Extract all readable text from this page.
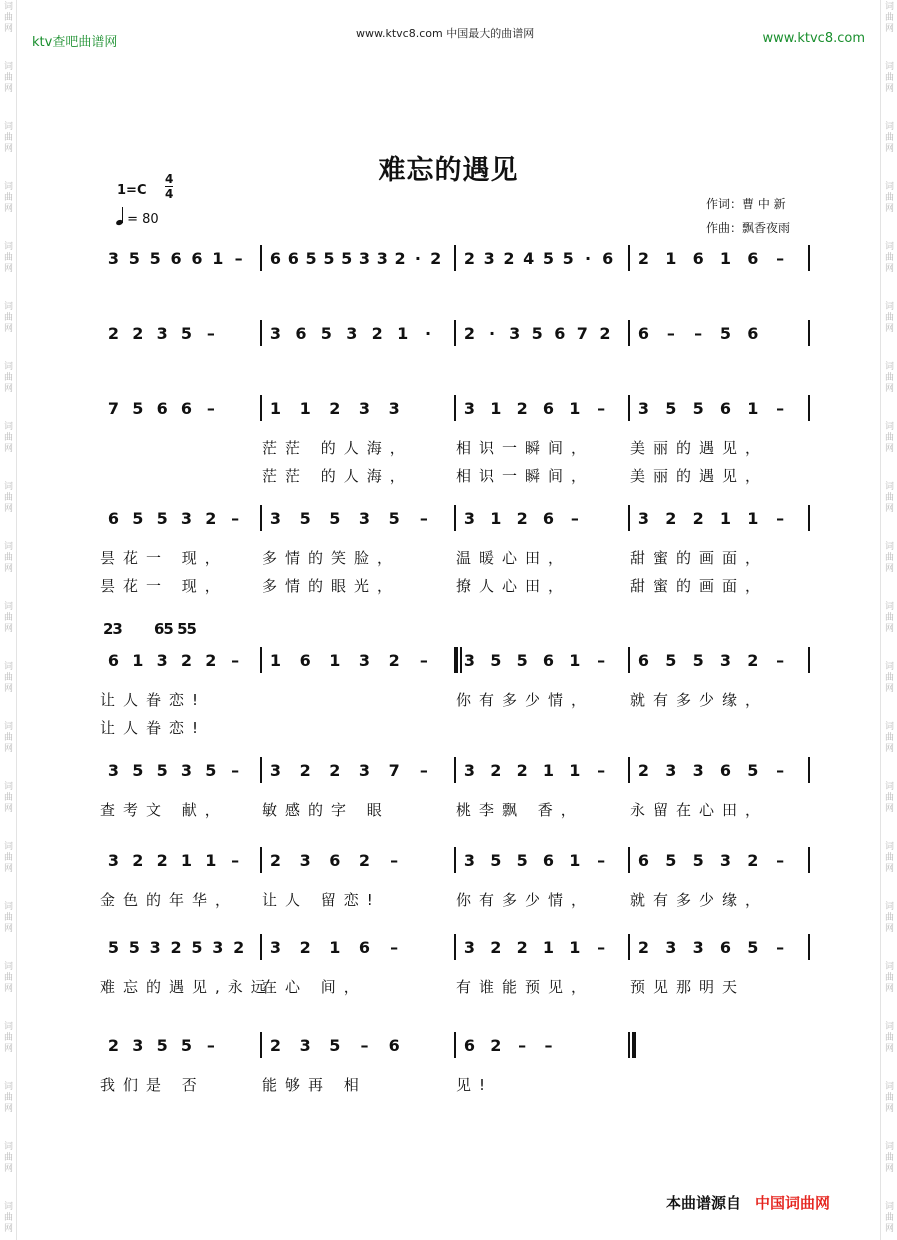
词
曲
网
词
曲
网
词
曲
网
词
曲
网
词
曲
网
词
曲
网
词
曲
网
词
曲
网
词
曲
网
词
曲
网
词
曲
网
词
曲
网
词
曲
网
词
曲
网
词
曲
网
词
曲
网
词
曲
网
词
曲
网
词
曲
网
词
曲
网
词
曲
网
词
曲
网
词
曲
网
词
曲
网
词
曲
网
词
曲
网
词
曲
网
词
曲
网
词
曲
网
词
曲
网
词
曲
网
词
曲
网
词
曲
网
词
曲
网
词
曲
网
词
曲
网
词
曲
网
词
曲
网
词
曲
网
词
曲
网
词
曲
网
词
曲
网
ktv查吧曲谱网
www.ktvc8.com 中国最大的曲谱网	www.ktvc8.com
难忘的遇见
1=C
4
4
= 80
作词：曹 中 新
作曲：飘香夜雨
3 5 5 6 6 1 –	6 6 5 5 5 3 3 2 · 2 2 3 2 4 5 5 · 6 2 1 6 1 6	–
2 2 3 5 –	3 6 5 3 2 1	·	2 · 3 5 6 7 2 6	–	–	5 6
7 5 6 6 –	1 1 2 3 3
茫茫 的人海，
茫茫 的人海，
3 1 2 6 1	–
相识一瞬间，
相识一瞬间，
3 5 5 6 1	–
美丽的遇见，
美丽的遇见，
6 5 5 3 2 –
昙花一 现，
昙花一 现，
3 5 5 3 5	–
多情的笑脸，
多情的眼光，
3 1 2 6	–
温暖心田，
撩人心田，
3 2 2 1 1	–
甜蜜的画面，
甜蜜的画面，
6 1 3 2 2 –
让人眷恋!
让人眷恋!
1 6 1 3 2	–	3 5 5 6 1	–
你有多少情，
6 5 5 3 2	–
就有多少缘，
3 5 5 3 5 –
查考文 献，
3 2 2 3 7	–
敏感的字 眼
3 2 2 1 1	–
桃李飘 香，
2 3 3 6 5	–
永留在心田，
3 2 2 1 1 –
金色的年华，
2 3 6 2	–
让人 留恋!
3 5 5 6 1	–
你有多少情，
6 5 5 3 2	–
就有多少缘，
5 5 3 2 5 3 2
难忘的遇见,永远
3 2 1 6	–
在心 间，
3 2 2 1 1	–
有谁能预见，
2 3 3 6 5	–
预见那明天
2 3 5 5 –
我们是 否
2 3 5	–	6
能够再 相
6 2	–	–
见!
23 65 55
本曲谱源自 中国词曲网
